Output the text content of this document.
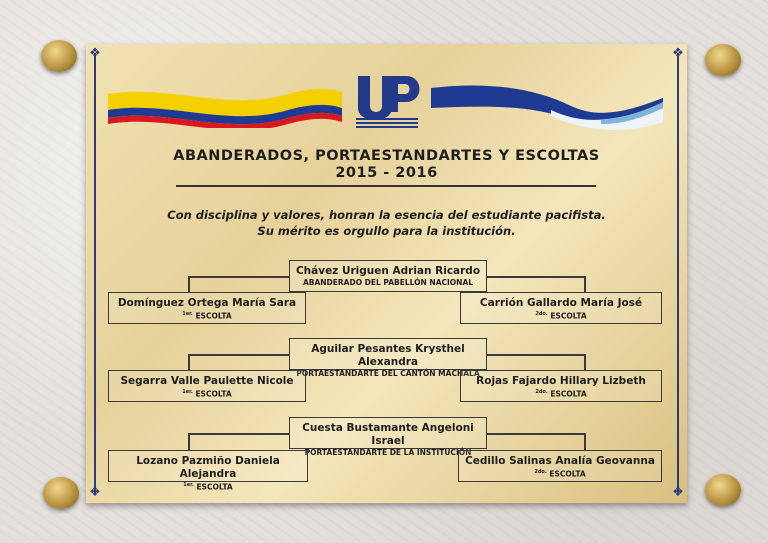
❖	❖
❖	❖
ABANDERADOS, PORTAESTANDARTES Y ESCOLTAS
2015 - 2016
Con disciplina y valores, honran la esencia del estudiante pacifista.
Su mérito es orgullo para la institución.
Chávez Uriguen Adrian Ricardo
ABANDERADO DEL PABELLÓN NACIONAL
Domínguez Ortega María Sara
$^{1er.}$ ESCOLTA
Carrión Gallardo María José
$^{2do.}$ ESCOLTA
Aguilar Pesantes Krysthel Alexandra
PORTAESTANDARTE DEL CANTÓN MACHALA
Segarra Valle Paulette Nicole
$^{1er.}$ ESCOLTA
Rojas Fajardo Hillary Lizbeth
$^{2do.}$ ESCOLTA
Cuesta Bustamante Angeloni Israel
PORTAESTANDARTE DE LA INSTITUCIÓN
Lozano Pazmiño Daniela Alejandra
$^{1er.}$ ESCOLTA
Cedillo Salinas Analía Geovanna
$^{2do.}$ ESCOLTA
